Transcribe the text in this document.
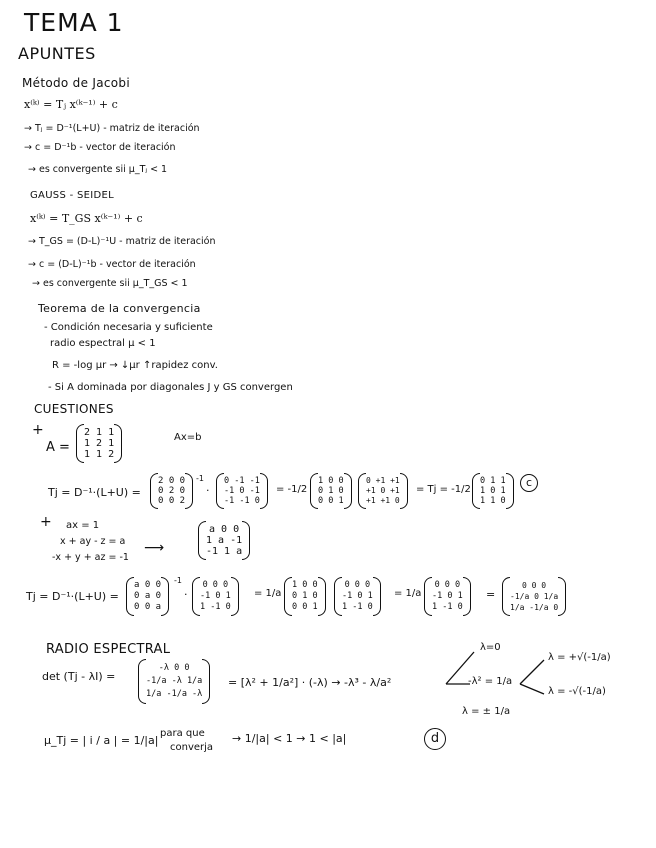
TEMA 1
APUNTES
Método de Jacobi
x⁽ᵏ⁾ = Tⱼ x⁽ᵏ⁻¹⁾ + c
→ Tⱼ = D⁻¹(L+U) - matriz de iteración
→ c = D⁻¹b - vector de iteración
→ es convergente sii μ_Tⱼ < 1
GAUSS - SEIDEL
x⁽ᵏ⁾ = T_GS x⁽ᵏ⁻¹⁾ + c
→ T_GS = (D-L)⁻¹U - matriz de iteración
→ c = (D-L)⁻¹b - vector de iteración
→ es convergente sii μ_T_GS < 1
Teorema de la convergencia
- Condición necesaria y suficiente
radio espectral μ < 1
R = -log μr → ↓μr ↑rapidez conv.
- Si A dominada por diagonales J y GS convergen
CUESTIONES
+
A =
2 1 1
1 2 1
1 1 2
Ax=b
Tj = D⁻¹·(L+U) =
2 0 0
0 2 0
0 0 2
-1
·
0 -1 -1
-1 0 -1
-1 -1 0
= -1/2
1 0 0
0 1 0
0 0 1
0 +1 +1
+1 0 +1
+1 +1 0
= Tj = -1/2
0 1 1
1 0 1
1 1 0
c
+ ax = 1
x + ay - z = a
-x + y + az = -1
⟶
a 0 0
1 a -1
-1 1 a
Tj = D⁻¹·(L+U) =
a 0 0
0 a 0
0 0 a
-1
·
0 0 0
-1 0 1
1 -1 0
= 1/a
1 0 0
0 1 0
0 0 1
0 0 0
-1 0 1
1 -1 0
= 1/a
0 0 0
-1 0 1
1 -1 0
=
0 0 0
-1/a 0 1/a
1/a -1/a 0
RADIO ESPECTRAL
det (Tj - λI) =
-λ 0 0
-1/a -λ 1/a
1/a -1/a -λ
= [λ² + 1/a²] · (-λ) → -λ³ - λ/a²
λ=0
-λ² = 1/a
λ = ± 1/a
λ = +√(-1/a)
λ = -√(-1/a)
μ_Tj = | i / a | = 1/|a|
para que
converja
→ 1/|a| < 1 → 1 < |a|	d
